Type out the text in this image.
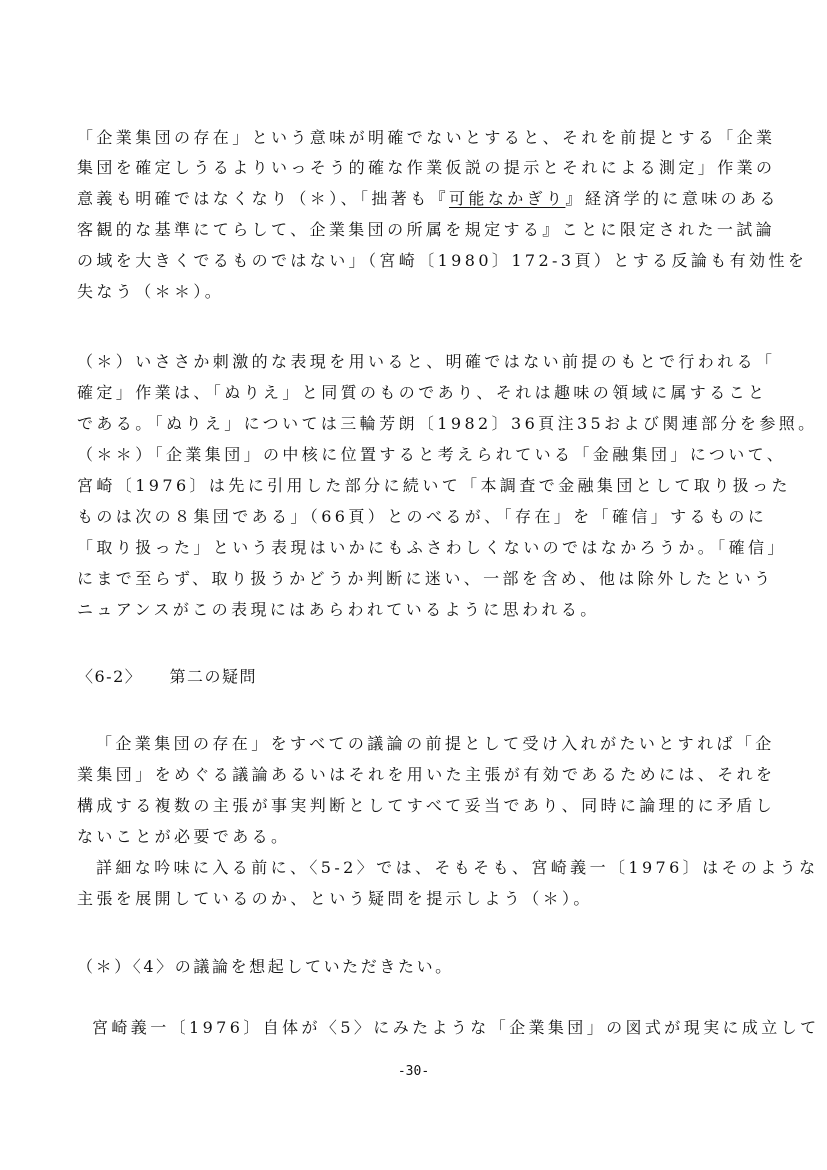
「企業集団の存在」という意味が明確でないとすると、それを前提とする「企業
集団を確定しうるよりいっそう的確な作業仮説の提示とそれによる測定」作業の
意義も明確ではなくなり（＊）、「拙著も『可能なかぎり』経済学的に意味のある
客観的な基準にてらして、企業集団の所属を規定する』ことに限定された一試論
の域を大きくでるものではない」（宮崎〔1980〕172-3頁）とする反論も有効性を
失なう（＊＊）。
（＊）いささか刺激的な表現を用いると、明確ではない前提のもとで行われる「
確定」作業は、「ぬりえ」と同質のものであり、それは趣味の領域に属すること
である。「ぬりえ」については三輪芳朗〔1982〕36頁注35および関連部分を参照。
（＊＊）「企業集団」の中核に位置すると考えられている「金融集団」について、
宮崎〔1976〕は先に引用した部分に続いて「本調査で金融集団として取り扱った
ものは次の８集団である」（66頁）とのべるが、「存在」を「確信」するものに
「取り扱った」という表現はいかにもふさわしくないのではなかろうか。「確信」
にまで至らず、取り扱うかどうか判断に迷い、一部を含め、他は除外したという
ニュアンスがこの表現にはあらわれているように思われる。
〈6-2〉 第二の疑問
「企業集団の存在」をすべての議論の前提として受け入れがたいとすれば「企
業集団」をめぐる議論あるいはそれを用いた主張が有効であるためには、それを
構成する複数の主張が事実判断としてすべて妥当であり、同時に論理的に矛盾し
ないことが必要である。
詳細な吟味に入る前に、〈5-2〉では、そもそも、宮崎義一〔1976〕はそのような
主張を展開しているのか、という疑問を提示しよう（＊）。
（＊）〈4〉の議論を想起していただきたい。
宮崎義一〔1976〕自体が〈5〉にみたような「企業集団」の図式が現実に成立して
-30-
